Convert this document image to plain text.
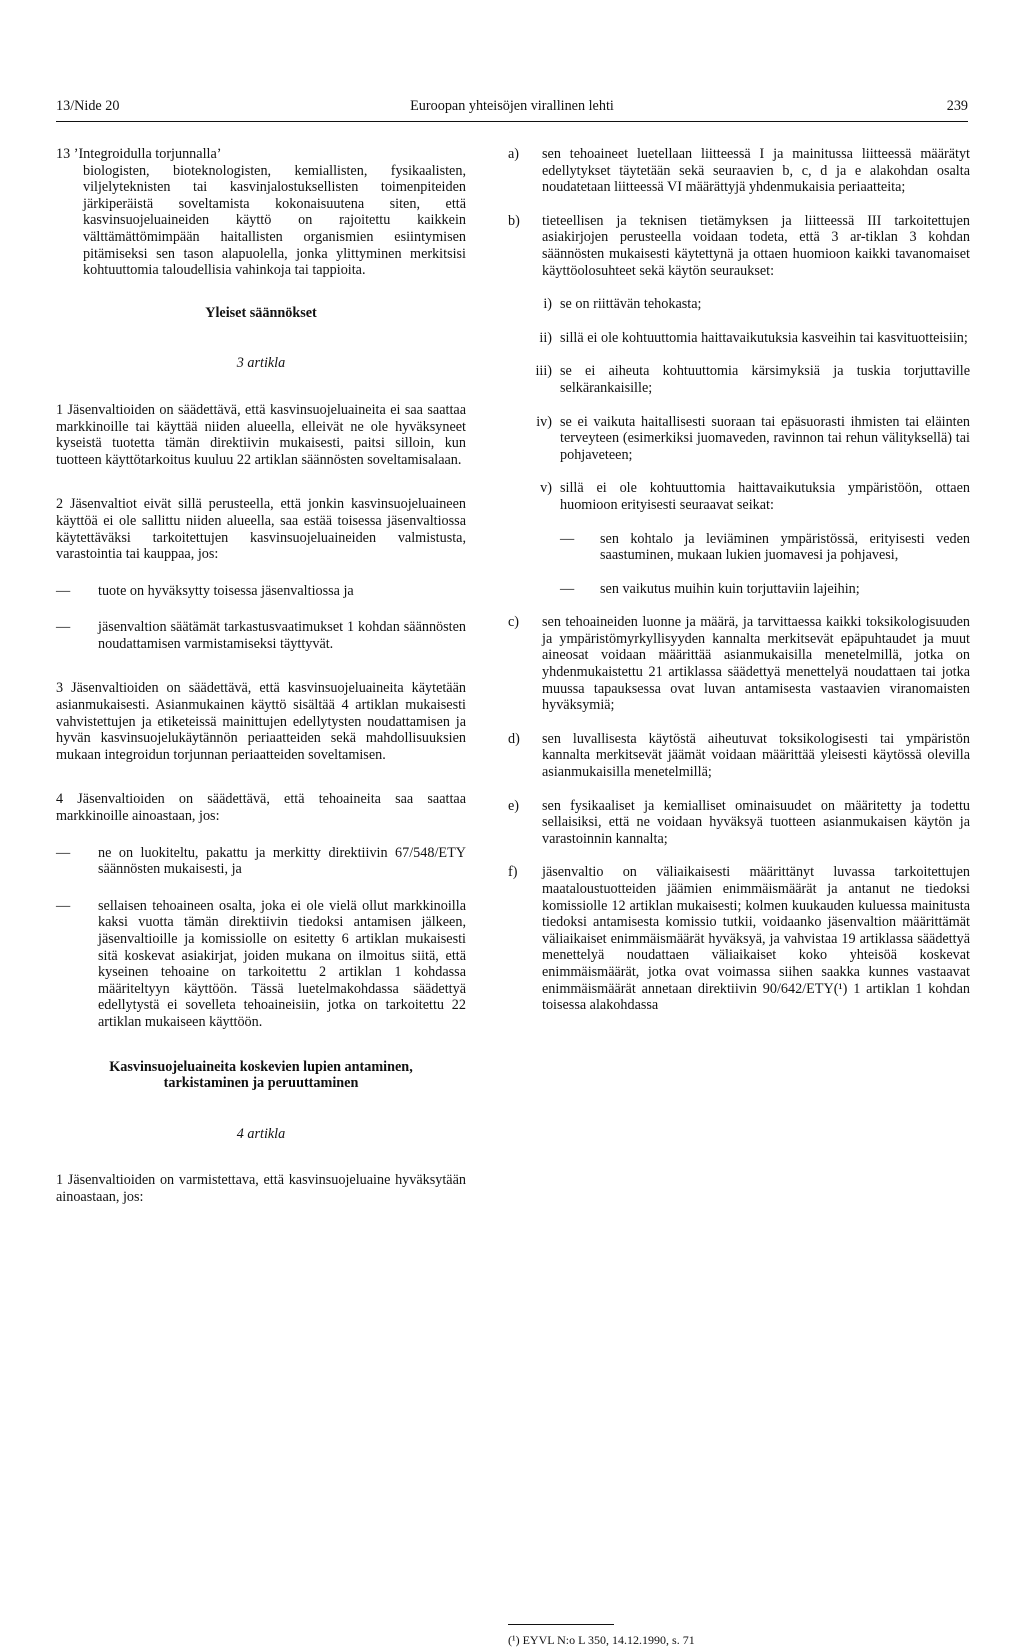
13/Nide 20	Euroopan yhteisöjen virallinen lehti	239

13 ’Integroidulla torjunnalla’

biologisten, bioteknologisten, kemiallisten, fysikaalisten, viljelyteknisten tai kasvinjalostuksellisten toimenpiteiden järkiperäistä soveltamista kokonaisuutena siten, että kasvinsuojeluaineiden käyttö on rajoitettu kaikkein välttämättömimpään haitallisten organismien esiintymisen pitämiseksi sen tason alapuolella, jonka ylittyminen merkitsisi kohtuuttomia taloudellisia vahinkoja tai tappioita.

Yleiset säännökset

3 artikla

1 Jäsenvaltioiden on säädettävä, että kasvinsuojeluaineita ei saa saattaa markkinoille tai käyttää niiden alueella, elleivät ne ole hyväksyneet kyseistä tuotetta tämän direktiivin mukaisesti, paitsi silloin, kun tuotteen käyttötarkoitus kuuluu 22 artiklan säännösten soveltamisalaan.

2 Jäsenvaltiot eivät sillä perusteella, että jonkin kasvinsuojeluaineen käyttöä ei ole sallittu niiden alueella, saa estää toisessa jäsenvaltiossa käytettäväksi tarkoitettujen kasvinsuojeluaineiden valmistusta, varastointia tai kauppaa, jos:

— tuote on hyväksytty toisessa jäsenvaltiossa ja

— jäsenvaltion säätämät tarkastusvaatimukset 1 kohdan säännösten noudattamisen varmistamiseksi täyttyvät.

3 Jäsenvaltioiden on säädettävä, että kasvinsuojeluaineita käytetään asianmukaisesti. Asianmukainen käyttö sisältää 4 artiklan mukaisesti vahvistettujen ja etiketeissä mainittujen edellytysten noudattamisen ja hyvän kasvinsuojelukäytännön periaatteiden sekä mahdollisuuksien mukaan integroidun torjunnan periaatteiden soveltamisen.

4 Jäsenvaltioiden on säädettävä, että tehoaineita saa saattaa markkinoille ainoastaan, jos:

— ne on luokiteltu, pakattu ja merkitty direktiivin 67/548/ETY säännösten mukaisesti, ja

— sellaisen tehoaineen osalta, joka ei ole vielä ollut markkinoilla kaksi vuotta tämän direktiivin tiedoksi antamisen jälkeen, jäsenvaltioille ja komissiolle on esitetty 6 artiklan mukaisesti sitä koskevat asiakirjat, joiden mukana on ilmoitus siitä, että kyseinen tehoaine on tarkoitettu 2 artiklan 1 kohdassa määriteltyyn käyttöön. Tässä luetelmakohdassa säädettyä edellytystä ei sovelleta tehoaineisiin, jotka on tarkoitettu 22 artiklan mukaiseen käyttöön.

Kasvinsuojeluaineita koskevien lupien antaminen,
tarkistaminen ja peruuttaminen

4 artikla

1 Jäsenvaltioiden on varmistettava, että kasvinsuojeluaine hyväksytään ainoastaan, jos:

a) sen tehoaineet luetellaan liitteessä I ja mainitussa liitteessä määrätyt edellytykset täytetään sekä seuraavien b, c, d ja e alakohdan osalta noudatetaan liitteessä VI määrättyjä yhdenmukaisia periaatteita;
b) tieteellisen ja teknisen tietämyksen ja liitteessä III tarkoitettujen asiakirjojen perusteella voidaan todeta, että 3 ar-tiklan 3 kohdan säännösten mukaisesti käytettynä ja ottaen huomioon kaikki tavanomaiset käyttöolosuhteet sekä käytön seuraukset:
i) se on riittävän tehokasta;
ii) sillä ei ole kohtuuttomia haittavaikutuksia kasveihin tai kasvituotteisiin;
iii) se ei aiheuta kohtuuttomia kärsimyksiä ja tuskia torjuttaville selkärankaisille;
iv) se ei vaikuta haitallisesti suoraan tai epäsuorasti ihmisten tai eläinten terveyteen (esimerkiksi juomaveden, ravinnon tai rehun välityksellä) tai pohjaveteen;
v) sillä ei ole kohtuuttomia haittavaikutuksia ympäristöön, ottaen huomioon erityisesti seuraavat seikat:
— sen kohtalo ja leviäminen ympäristössä, erityisesti veden saastuminen, mukaan lukien juomavesi ja pohjavesi,
— sen vaikutus muihin kuin torjuttaviin lajeihin;
c) sen tehoaineiden luonne ja määrä, ja tarvittaessa kaikki toksikologisuuden ja ympäristömyrkyllisyyden kannalta merkitsevät epäpuhtaudet ja muut aineosat voidaan määrittää asianmukaisilla menetelmillä, jotka on yhdenmukaistettu 21 artiklassa säädettyä menettelyä noudattaen tai jotka muussa tapauksessa ovat luvan antamisesta vastaavien viranomaisten hyväksymiä;
d) sen luvallisesta käytöstä aiheutuvat toksikologisesti tai ympäristön kannalta merkitsevät jäämät voidaan määrittää yleisesti käytössä olevilla asianmukaisilla menetelmillä;
e) sen fysikaaliset ja kemialliset ominaisuudet on määritetty ja todettu sellaisiksi, että ne voidaan hyväksyä tuotteen asianmukaisen käytön ja varastoinnin kannalta;
f) jäsenvaltio on väliaikaisesti määrittänyt luvassa tarkoitettujen maataloustuotteiden jäämien enimmäismäärät ja antanut ne tiedoksi komissiolle 12 artiklan mukaisesti; kolmen kuukauden kuluessa mainitusta tiedoksi antamisesta komissio tutkii, voidaanko jäsenvaltion määrittämät väliaikaiset enimmäismäärät hyväksyä, ja vahvistaa 19 artiklassa säädettyä menettelyä noudattaen väliaikaiset koko yhteisöä koskevat enimmäismäärät, jotka ovat voimassa siihen saakka kunnes vastaavat enimmäismäärät annetaan direktiivin 90/642/ETY(¹) 1 artiklan 1 kohdan toisessa alakohdassa
(¹) EYVL N:o L 350, 14.12.1990, s. 71
